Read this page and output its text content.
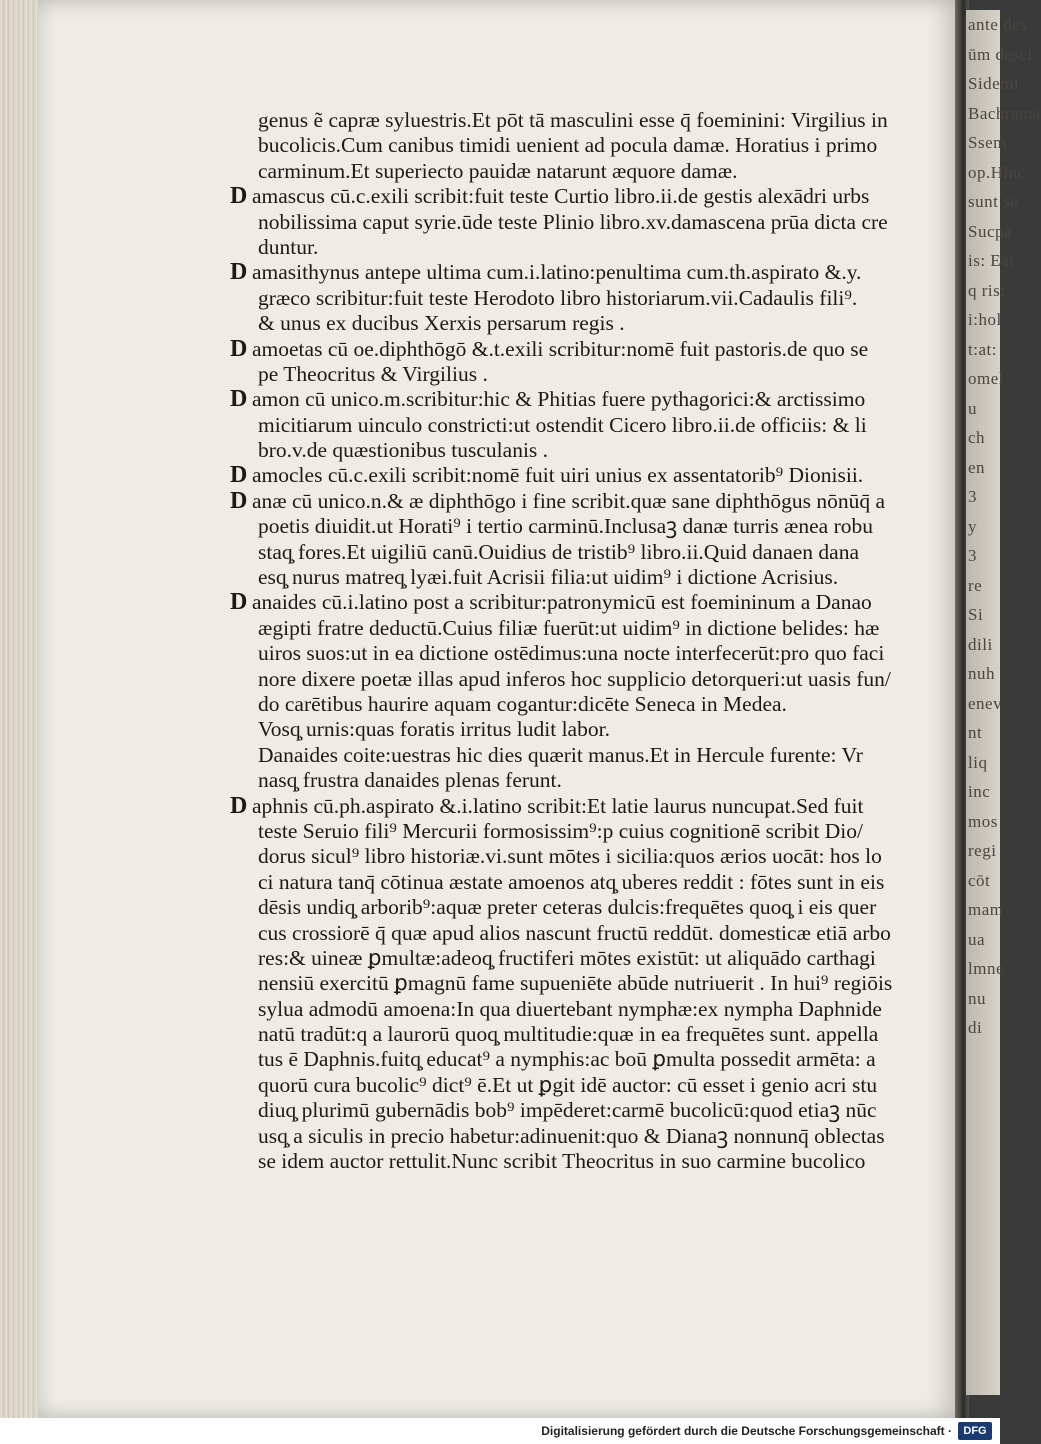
ante des
ūm desci
Sidemi
Bachrama
Ssem
op.Hinc
sunt se
Sucpa
is: Eat
q ris:
i:hol
t:at:
omel
u
ch
en
3
y
3
re
Si
dili
nuh
enev
nt
liq
inc
mos
regi
cōt
mam
ua
lmne
nu
di
genus ẽ capræ syluestris.Et pōt tā masculini esse q̄ foeminini: Virgilius in
bucolicis.Cum canibus timidi uenient ad pocula damæ. Horatius i primo
carminum.Et superiecto pauidæ natarunt æquore damæ.
D amascus cū.c.exili scribit:fuit teste Curtio libro.ii.de gestis alexādri urbs
nobilissima caput syrie.ūde teste Plinio libro.xv.damascena prūa dicta cre
duntur.
D amasithynus antepe ultima cum.i.latino:penultima cum.th.aspirato &.y.
græco scribitur:fuit teste Herodoto libro historiarum.vii.Cadaulis fili⁹.
& unus ex ducibus Xerxis persarum regis .
D amoetas cū oe.diphthōgō &.t.exili scribitur:nomē fuit pastoris.de quo se
pe Theocritus & Virgilius .
D amon cū unico.m.scribitur:hic & Phitias fuere pythagorici:& arctissimo
micitiarum uinculo constricti:ut ostendit Cicero libro.ii.de officiis: & li
bro.v.de quæstionibus tusculanis .
D amocles cū.c.exili scribit:nomē fuit uiri unius ex assentatorib⁹ Dionisii.
D anæ cū unico.n.& æ diphthōgo i fine scribit.quæ sane diphthōgus nōnūq̄ a
poetis diuidit.ut Horati⁹ i tertio carminū.Inclusaꝫ danæ turris ænea robu
staq̧ fores.Et uigiliū canū.Ouidius de tristib⁹ libro.ii.Quid danaen dana
esq̧ nurus matreq̧ lyæi.fuit Acrisii filia:ut uidim⁹ i dictione Acrisius.
D anaides cū.i.latino post a scribitur:patronymicū est foemininum a Danao
ægipti fratre deductū.Cuius filiæ fuerūt:ut uidim⁹ in dictione belides: hæ
uiros suos:ut in ea dictione ostēdimus:una nocte interfecerūt:pro quo faci
nore dixere poetæ illas apud inferos hoc supplicio detorqueri:ut uasis fun/
do carētibus haurire aquam cogantur:dicēte Seneca in Medea.
Vosq̧ urnis:quas foratis irritus ludit labor.
Danaides coite:uestras hic dies quærit manus.Et in Hercule furente: Vr
nasq̧ frustra danaides plenas ferunt.
D aphnis cū.ph.aspirato &.i.latino scribit:Et latie laurus nuncupat.Sed fuit
teste Seruio fili⁹ Mercurii formosissim⁹:p cuius cognitionē scribit Dio/
dorus sicul⁹ libro historiæ.vi.sunt mōtes i sicilia:quos ærios uocāt: hos lo
ci natura tanq̄ cōtinua æstate amoenos atq̧ uberes reddit : fōtes sunt in eis
dēsis undiq̧ arborib⁹:aquæ preter ceteras dulcis:frequētes quoq̧ i eis quer
cus crossiorē q̄ quæ apud alios nascunt fructū reddūt. domesticæ etiā arbo
res:& uineæ ꝑmultæ:adeoq̧ fructiferi mōtes existūt: ut aliquādo carthagi
nensiū exercitū ꝑmagnū fame supueniēte abūde nutriuerit . In hui⁹ regiōis
sylua admodū amoena:In qua diuertebant nymphæ:ex nympha Daphnide
natū tradūt:q a laurorū quoq̧ multitudie:quæ in ea frequētes sunt. appella
tus ē Daphnis.fuitq̧ educat⁹ a nymphis:ac boū ꝑmulta possedit armēta: a
quorū cura bucolic⁹ dict⁹ ē.Et ut ꝑgit idē auctor: cū esset i genio acri stu
diuq̧ plurimū gubernādis bob⁹ impēderet:carmē bucolicū:quod etiaꝫ nūc
usq̧ a siculis in precio habetur:adinuenit:quo & Dianaꝫ nonnunq̄ oblectas
se idem auctor rettulit.Nunc scribit Theocritus in suo carmine bucolico
Digitalisierung gefördert durch die Deutsche Forschungsgemeinschaft ·	DFG
